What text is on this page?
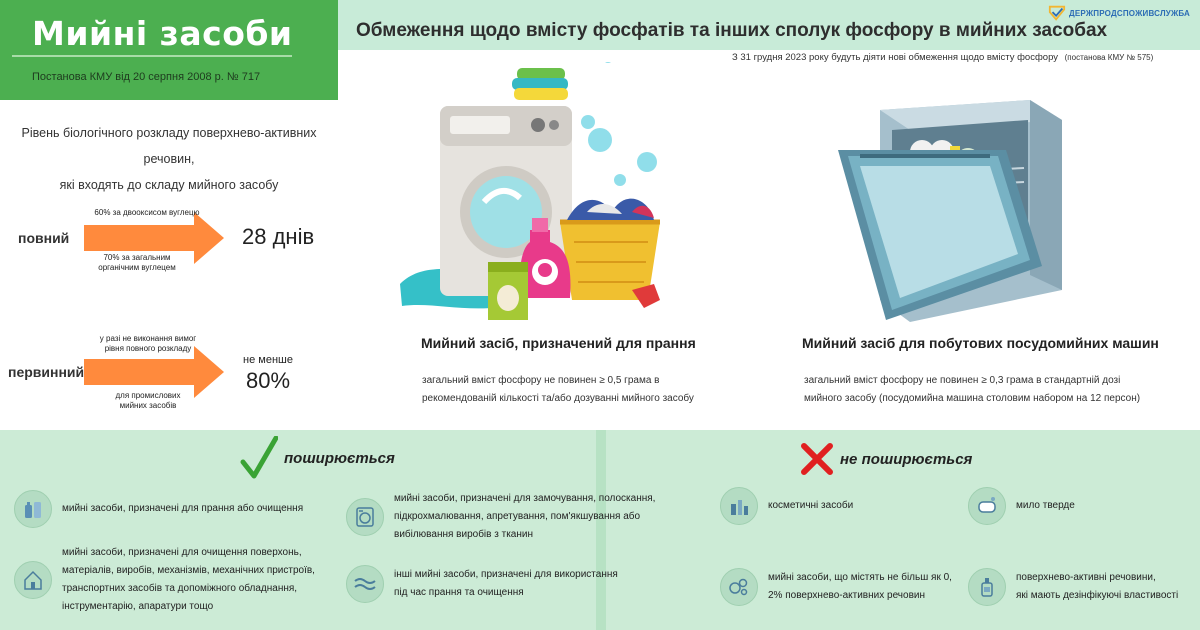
Мийні засоби
Постанова КМУ від 20 серпня 2008 р. № 717
Обмеження щодо вмісту фосфатів та інших сполук фосфору в мийних засобах
ДЕРЖПРОДСПОЖИВСЛУЖБА
З 31 грудня 2023 року будуть діяти нові обмеження щодо вмісту фосфору (постанова КМУ № 575)
Рівень біологічного розкладу поверхнево-активних речовин,
які входять до складу мийного засобу
повний
60% за двооксисом вуглецю
70% за загальним
органічним вуглецем
28 днів
первинний
у разі не виконання вимог
рівня повного розкладу
для промислових
мийних засобів
не менше
80%
Мийний засіб, призначений для прання
загальний вміст фосфору не повинен ≥ 0,5 грама в
рекомендованій кількості та/або дозуванні мийного засобу
Мийний засіб для побутових посудомийних машин
загальний вміст фосфору не повинен ≥ 0,3 грама в стандартній дозі
мийного засобу (посудомийна машина столовим набором на 12 персон)
поширюється
мийні засоби, призначені для прання або очищення
мийні засоби, призначені для замочування, полоскання,
підкрохмалювання, апретування, пом'якшування або
вибілювання виробів з тканин
мийні засоби, призначені для очищення поверхонь,
матеріалів, виробів, механізмів, механічних пристроїв,
транспортних засобів та допоміжного обладнання,
інструментарію, апаратури тощо
інші мийні засоби, призначені для використання
під час прання та очищення
не поширюється
косметичні засоби	мило тверде
мийні засоби, що містять не більш як 0,
2% поверхнево-активних речовин
поверхнево-активні речовини,
які мають дезінфікуючі властивості
